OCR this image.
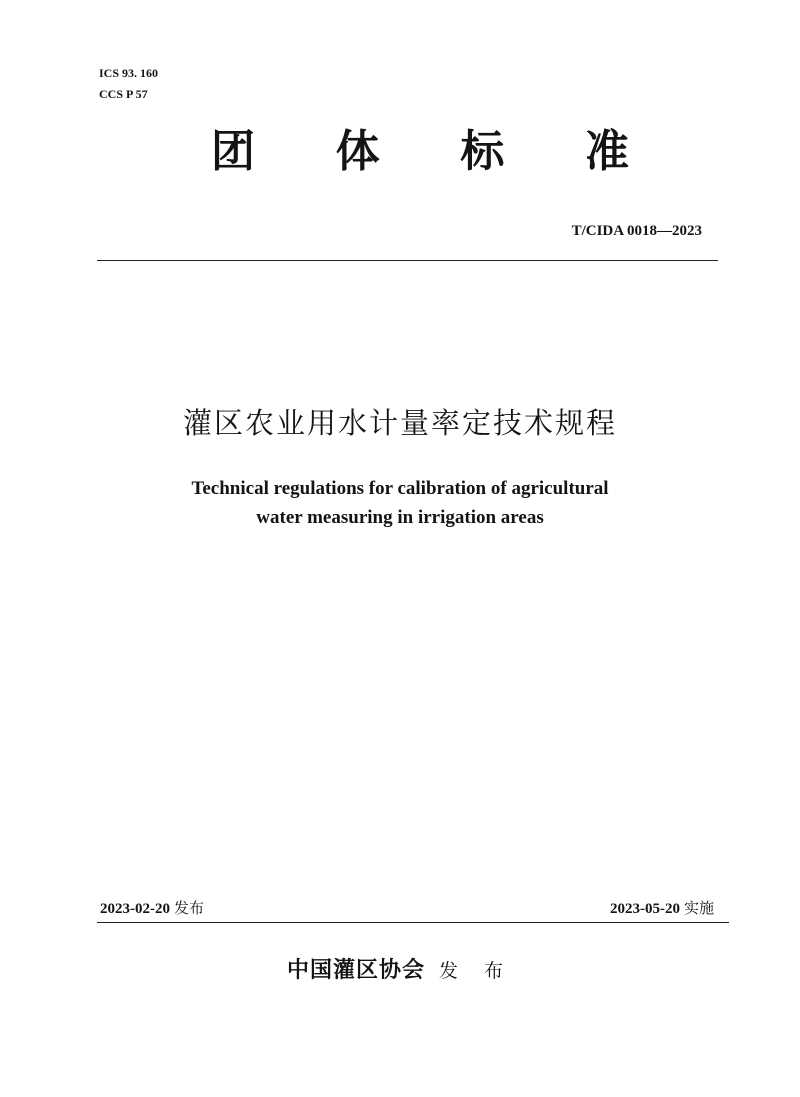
ICS 93. 160
CCS P 57
团 体 标 准
T/CIDA 0018—2023
灌区农业用水计量率定技术规程
Technical regulations for calibration of agricultural
water measuring in irrigation areas
2023-02-20 发布	2023-05-20 实施
中国灌区协会 发 布
